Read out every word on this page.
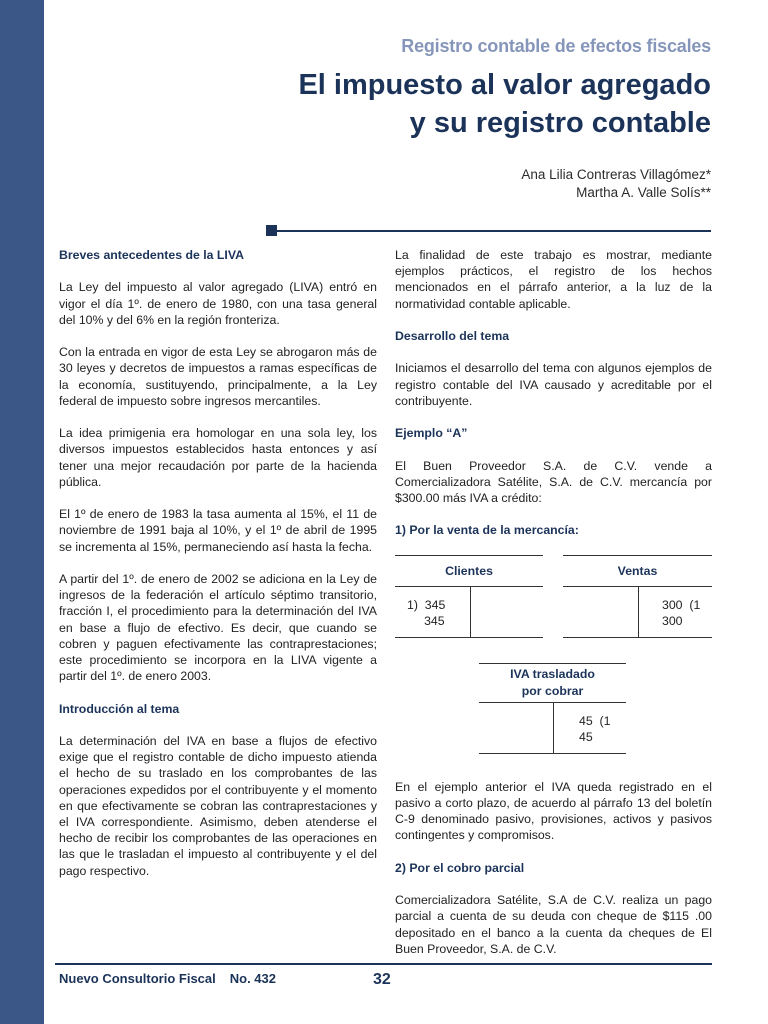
Registro contable de efectos fiscales
El impuesto al valor agregado
y su registro contable
Ana Lilia Contreras Villagómez*
Martha A. Valle Solís**
Breves antecedentes de la LIVA

La Ley del impuesto al valor agregado (LIVA) entró en vigor el día 1º. de enero de 1980, con una tasa general del 10% y del 6% en la región fronteriza.

Con la entrada en vigor de esta Ley se abrogaron más de 30 leyes y decretos de impuestos a ramas específicas de la economía, sustituyendo, principalmente, a la Ley federal de impuesto sobre ingresos mercantiles.

La idea primigenia era homologar en una sola ley, los diversos impuestos establecidos hasta entonces y así tener una mejor recaudación por parte de la hacienda pública.

El 1º de enero de 1983 la tasa aumenta al 15%, el 11 de noviembre de 1991 baja al 10%, y el 1º de abril de 1995 se incrementa al 15%, permaneciendo así hasta la fecha.

A partir del 1º. de enero de 2002 se adiciona en la Ley de ingresos de la federación el artículo séptimo transitorio, fracción I, el procedimiento para la determinación del IVA en base a flujo de efectivo. Es decir, que cuando se cobren y paguen efectivamente las contraprestaciones; este procedimiento se incorpora en la LIVA vigente a partir del 1º. de enero 2003.

Introducción al tema

La determinación del IVA en base a flujos de efectivo exige que el registro contable de dicho impuesto atienda el hecho de su traslado en los comprobantes de las operaciones expedidos por el contribuyente y el momento en que efectivamente se cobran las contraprestaciones y el IVA correspondiente. Asimismo, deben atenderse el hecho de recibir los comprobantes de las operaciones en las que le trasladan el impuesto al contribuyente y el del pago respectivo.

La finalidad de este trabajo es mostrar, mediante ejemplos prácticos, el registro de los hechos mencionados en el párrafo anterior, a la luz de la normatividad contable aplicable.

Desarrollo del tema

Iniciamos el desarrollo del tema con algunos ejemplos de registro contable del IVA causado y acreditable por el contribuyente.

Ejemplo “A”

El Buen Proveedor S.A. de C.V. vende a Comercializadora Satélite, S.A. de C.V. mercancía por $300.00 más IVA a crédito:

1) Por la venta de la mercancía:
Clientes
1)  345
345
Ventas
300  (1
300
IVA trasladado
por cobrar
45  (1
45

En el ejemplo anterior el IVA queda registrado en el pasivo a corto plazo, de acuerdo al párrafo 13 del boletín C-9 denominado pasivo, provisiones, activos y pasivos contingentes y compromisos.

2) Por el cobro parcial

Comercializadora Satélite, S.A de C.V. realiza un pago parcial a cuenta de su deuda con cheque de $115 .00 depositado en el banco a la cuenta da cheques de El Buen Proveedor, S.A. de C.V.

Nuevo Consultorio Fiscal No. 432	32
